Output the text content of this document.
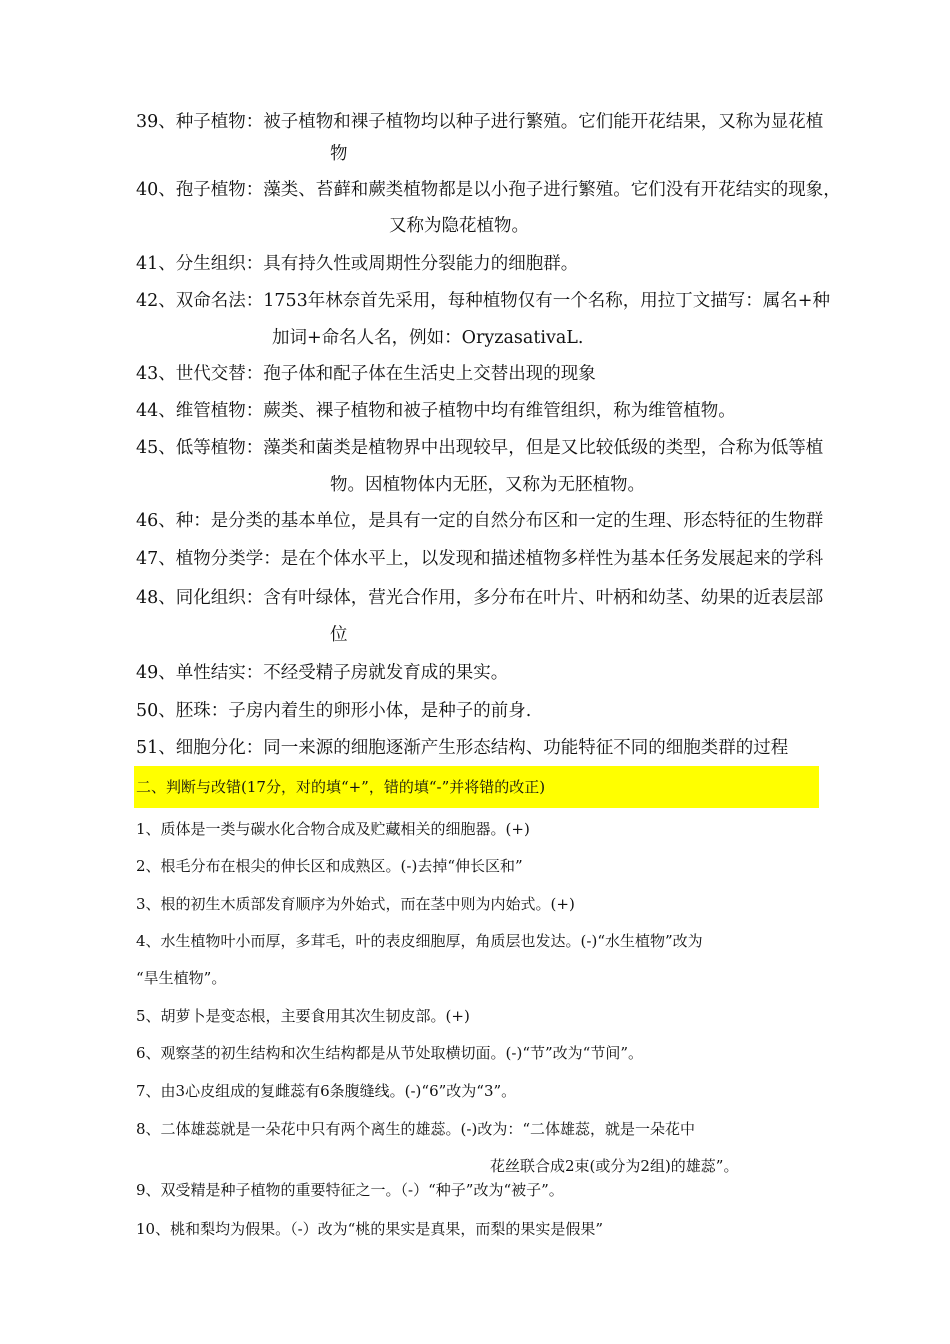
39、种子植物：被子植物和裸子植物均以种子进行繁殖。它们能开花结果，又称为显花植
物
40、孢子植物：藻类、苔藓和蕨类植物都是以小孢子进行繁殖。它们没有开花结实的现象，
又称为隐花植物。
41、分生组织：具有持久性或周期性分裂能力的细胞群。
42、双命名法：1753年林奈首先采用，每种植物仅有一个名称，用拉丁文描写：属名+种
加词+命名人名，例如：OryzasativaL.
43、世代交替：孢子体和配子体在生活史上交替出现的现象
44、维管植物：蕨类、裸子植物和被子植物中均有维管组织，称为维管植物。
45、低等植物：藻类和菌类是植物界中出现较早，但是又比较低级的类型，合称为低等植
物。因植物体内无胚，又称为无胚植物。
46、种：是分类的基本单位，是具有一定的自然分布区和一定的生理、形态特征的生物群
47、植物分类学：是在个体水平上，以发现和描述植物多样性为基本任务发展起来的学科
48、同化组织：含有叶绿体，营光合作用，多分布在叶片、叶柄和幼茎、幼果的近表层部
位
49、单性结实：不经受精子房就发育成的果实。
50、胚珠：子房内着生的卵形小体，是种子的前身.
51、细胞分化：同一来源的细胞逐渐产生形态结构、功能特征不同的细胞类群的过程
二、判断与改错(17分，对的填“+”，错的填“-”并将错的改正)
1、质体是一类与碳水化合物合成及贮藏相关的细胞器。(+)
2、根毛分布在根尖的伸长区和成熟区。(-)去掉“伸长区和”
3、根的初生木质部发育顺序为外始式，而在茎中则为内始式。(+)
4、水生植物叶小而厚，多茸毛，叶的表皮细胞厚，角质层也发达。(-)“水生植物”改为
“旱生植物”。
5、胡萝卜是变态根，主要食用其次生韧皮部。(+)
6、观察茎的初生结构和次生结构都是从节处取横切面。(-)“节”改为“节间”。
7、由3心皮组成的复雌蕊有6条腹缝线。(-)“6”改为“3”。
8、二体雄蕊就是一朵花中只有两个离生的雄蕊。(-)改为：“二体雄蕊，就是一朵花中
花丝联合成2束(或分为2组)的雄蕊”。
9、双受精是种子植物的重要特征之一。（-）“种子”改为“被子”。
10、桃和梨均为假果。（-）改为“桃的果实是真果，而梨的果实是假果”
